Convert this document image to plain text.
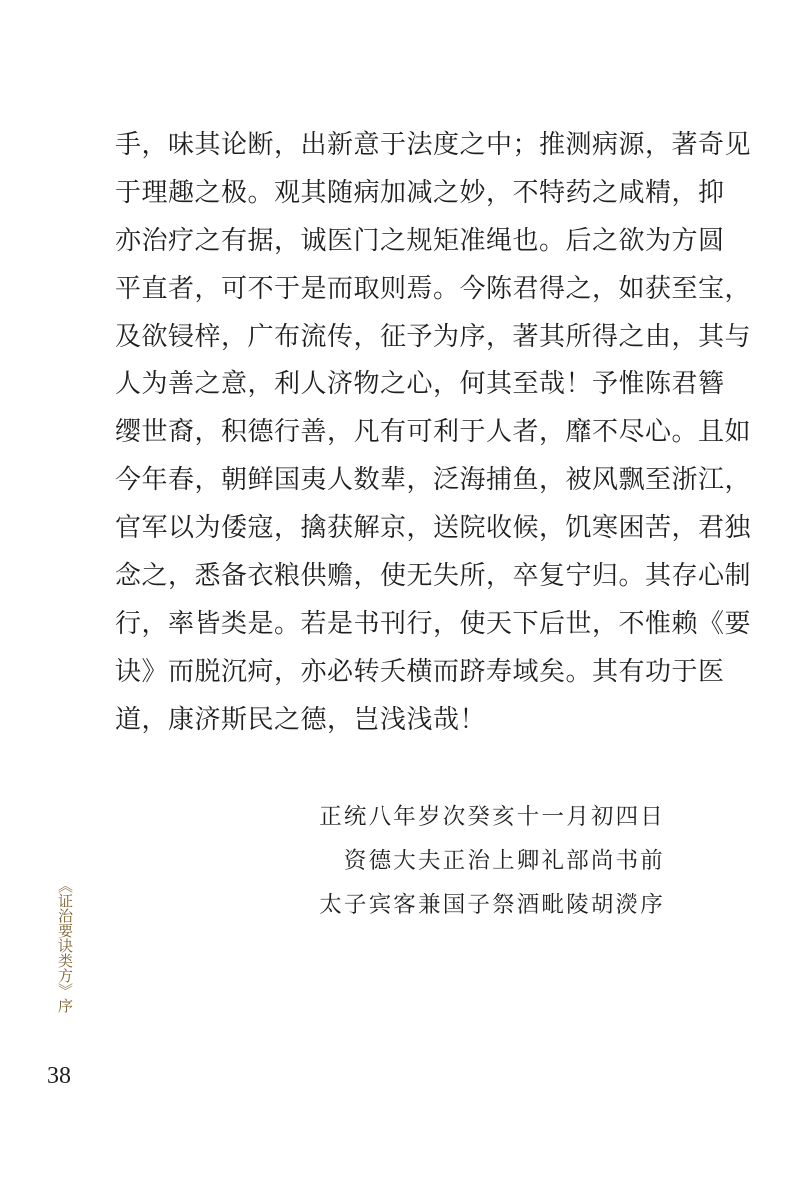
手，味其论断，出新意于法度之中；推测病源，著奇见
于理趣之极。观其随病加减之妙，不特药之咸精，抑
亦治疗之有据，诚医门之规矩准绳也。后之欲为方圆
平直者，可不于是而取则焉。今陈君得之，如获至宝，
及欲锓梓，广布流传，征予为序，著其所得之由，其与
人为善之意，利人济物之心，何其至哉！予惟陈君簪
缨世裔，积德行善，凡有可利于人者，靡不尽心。且如
今年春，朝鲜国夷人数辈，泛海捕鱼，被风飘至浙江，
官军以为倭寇，擒获解京，送院收候，饥寒困苦，君独
念之，悉备衣粮供赡，使无失所，卒复宁归。其存心制
行，率皆类是。若是书刊行，使天下后世，不惟赖《要
诀》而脱沉疴，亦必转夭横而跻寿域矣。其有功于医
道，康济斯民之德，岂浅浅哉！
正统八年岁次癸亥十一月初四日
资德大夫正治上卿礼部尚书前
太子宾客兼国子祭酒毗陵胡濙序
《证治要诀类方》序
38
